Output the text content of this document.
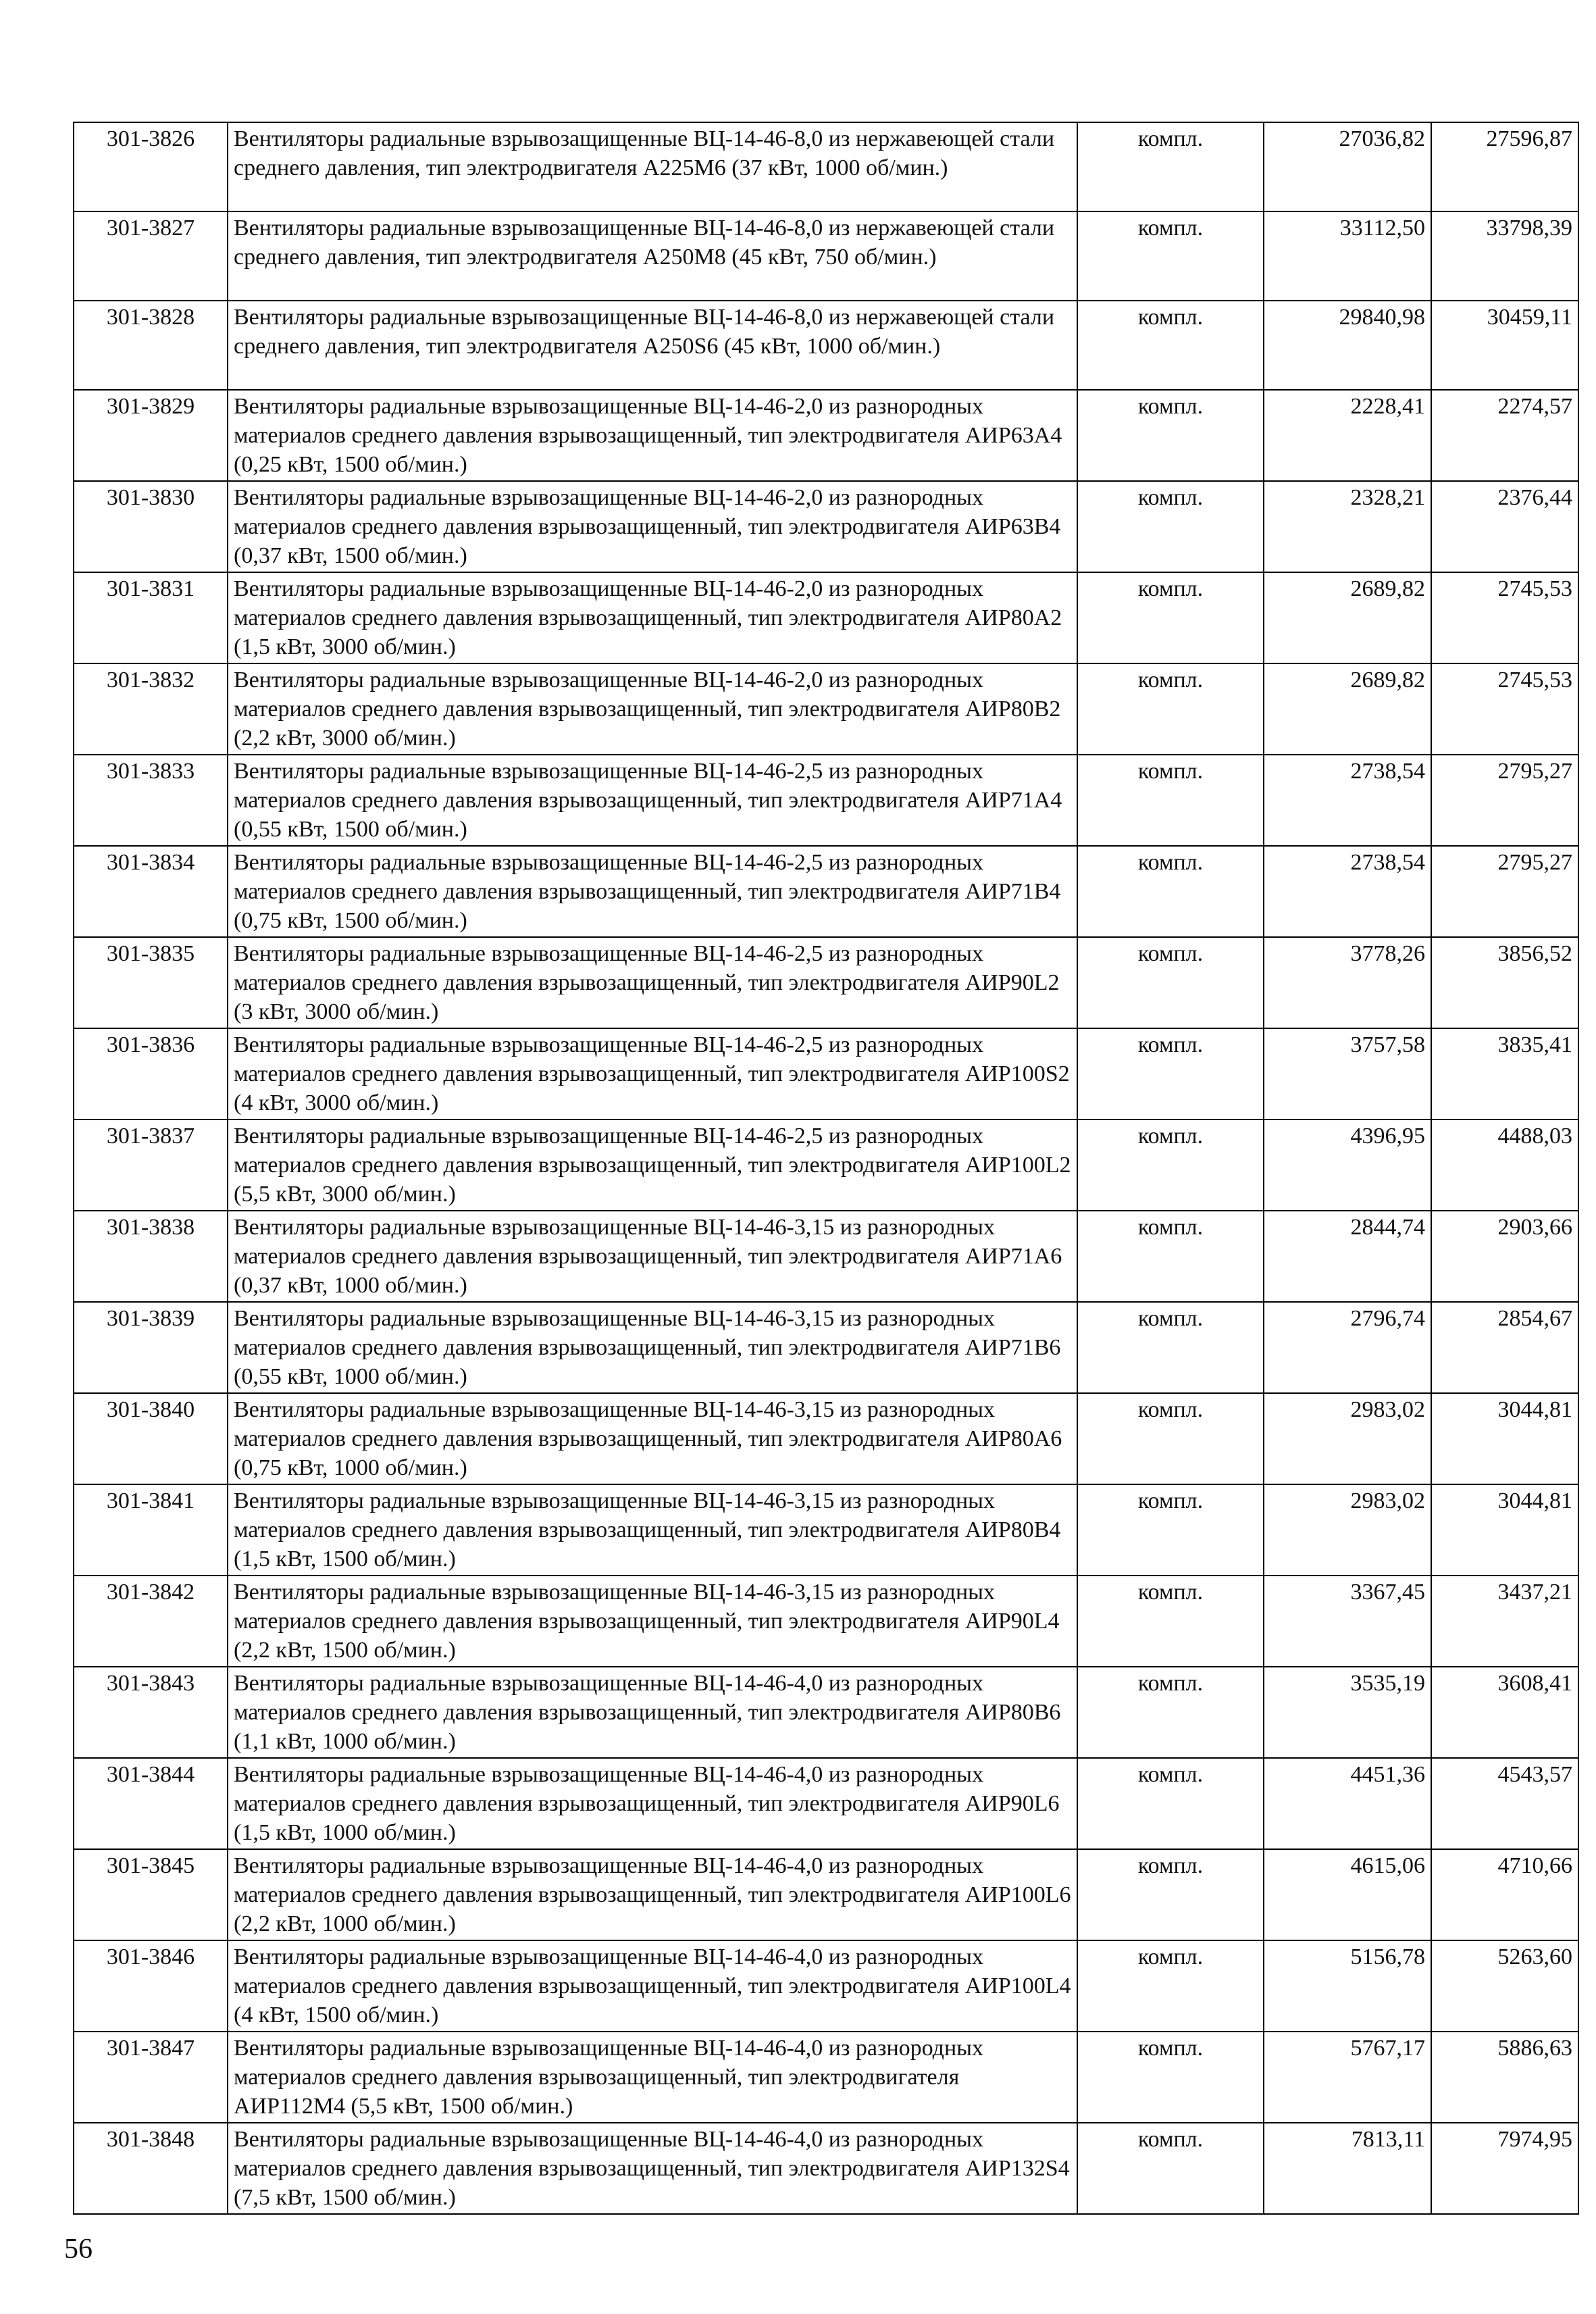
301-3826	Вентиляторы радиальные взрывозащищенные ВЦ-14-46-8,0 из нержавеющей стали среднего давления, тип электродвигателя А225М6 (37 кВт, 1000 об/мин.)	компл.	27036,82	27596,87
301-3827	Вентиляторы радиальные взрывозащищенные ВЦ-14-46-8,0 из нержавеющей стали среднего давления, тип электродвигателя А250М8 (45 кВт, 750 об/мин.)	компл.	33112,50	33798,39
301-3828	Вентиляторы радиальные взрывозащищенные ВЦ-14-46-8,0 из нержавеющей стали среднего давления, тип электродвигателя А250S6 (45 кВт, 1000 об/мин.)	компл.	29840,98	30459,11
301-3829	Вентиляторы радиальные взрывозащищенные ВЦ-14-46-2,0 из разнородных материалов среднего давления взрывозащищенный, тип электродвигателя АИР63А4 (0,25 кВт, 1500 об/мин.)	компл.	2228,41	2274,57
301-3830	Вентиляторы радиальные взрывозащищенные ВЦ-14-46-2,0 из разнородных материалов среднего давления взрывозащищенный, тип электродвигателя АИР63В4 (0,37 кВт, 1500 об/мин.)	компл.	2328,21	2376,44
301-3831	Вентиляторы радиальные взрывозащищенные ВЦ-14-46-2,0 из разнородных материалов среднего давления взрывозащищенный, тип электродвигателя АИР80А2 (1,5 кВт, 3000 об/мин.)	компл.	2689,82	2745,53
301-3832	Вентиляторы радиальные взрывозащищенные ВЦ-14-46-2,0 из разнородных материалов среднего давления взрывозащищенный, тип электродвигателя АИР80В2 (2,2 кВт, 3000 об/мин.)	компл.	2689,82	2745,53
301-3833	Вентиляторы радиальные взрывозащищенные ВЦ-14-46-2,5 из разнородных материалов среднего давления взрывозащищенный, тип электродвигателя АИР71А4 (0,55 кВт, 1500 об/мин.)	компл.	2738,54	2795,27
301-3834	Вентиляторы радиальные взрывозащищенные ВЦ-14-46-2,5 из разнородных материалов среднего давления взрывозащищенный, тип электродвигателя АИР71В4 (0,75 кВт, 1500 об/мин.)	компл.	2738,54	2795,27
301-3835	Вентиляторы радиальные взрывозащищенные ВЦ-14-46-2,5 из разнородных материалов среднего давления взрывозащищенный, тип электродвигателя АИР90L2 (3 кВт, 3000 об/мин.)	компл.	3778,26	3856,52
301-3836	Вентиляторы радиальные взрывозащищенные ВЦ-14-46-2,5 из разнородных материалов среднего давления взрывозащищенный, тип электродвигателя АИР100S2 (4 кВт, 3000 об/мин.)	компл.	3757,58	3835,41
301-3837	Вентиляторы радиальные взрывозащищенные ВЦ-14-46-2,5 из разнородных материалов среднего давления взрывозащищенный, тип электродвигателя АИР100L2 (5,5 кВт, 3000 об/мин.)	компл.	4396,95	4488,03
301-3838	Вентиляторы радиальные взрывозащищенные ВЦ-14-46-3,15 из разнородных материалов среднего давления взрывозащищенный, тип электродвигателя АИР71А6 (0,37 кВт, 1000 об/мин.)	компл.	2844,74	2903,66
301-3839	Вентиляторы радиальные взрывозащищенные ВЦ-14-46-3,15 из разнородных материалов среднего давления взрывозащищенный, тип электродвигателя АИР71В6 (0,55 кВт, 1000 об/мин.)	компл.	2796,74	2854,67
301-3840	Вентиляторы радиальные взрывозащищенные ВЦ-14-46-3,15 из разнородных материалов среднего давления взрывозащищенный, тип электродвигателя АИР80А6 (0,75 кВт, 1000 об/мин.)	компл.	2983,02	3044,81
301-3841	Вентиляторы радиальные взрывозащищенные ВЦ-14-46-3,15 из разнородных материалов среднего давления взрывозащищенный, тип электродвигателя АИР80В4 (1,5 кВт, 1500 об/мин.)	компл.	2983,02	3044,81
301-3842	Вентиляторы радиальные взрывозащищенные ВЦ-14-46-3,15 из разнородных материалов среднего давления взрывозащищенный, тип электродвигателя АИР90L4 (2,2 кВт, 1500 об/мин.)	компл.	3367,45	3437,21
301-3843	Вентиляторы радиальные взрывозащищенные ВЦ-14-46-4,0 из разнородных материалов среднего давления взрывозащищенный, тип электродвигателя АИР80В6 (1,1 кВт, 1000 об/мин.)	компл.	3535,19	3608,41
301-3844	Вентиляторы радиальные взрывозащищенные ВЦ-14-46-4,0 из разнородных материалов среднего давления взрывозащищенный, тип электродвигателя АИР90L6 (1,5 кВт, 1000 об/мин.)	компл.	4451,36	4543,57
301-3845	Вентиляторы радиальные взрывозащищенные ВЦ-14-46-4,0 из разнородных материалов среднего давления взрывозащищенный, тип электродвигателя АИР100L6 (2,2 кВт, 1000 об/мин.)	компл.	4615,06	4710,66
301-3846	Вентиляторы радиальные взрывозащищенные ВЦ-14-46-4,0 из разнородных материалов среднего давления взрывозащищенный, тип электродвигателя АИР100L4 (4 кВт, 1500 об/мин.)	компл.	5156,78	5263,60
301-3847	Вентиляторы радиальные взрывозащищенные ВЦ-14-46-4,0 из разнородных материалов среднего давления взрывозащищенный, тип электродвигателя АИР112М4 (5,5 кВт, 1500 об/мин.)	компл.	5767,17	5886,63
301-3848	Вентиляторы радиальные взрывозащищенные ВЦ-14-46-4,0 из разнородных материалов среднего давления взрывозащищенный, тип электродвигателя АИР132S4 (7,5 кВт, 1500 об/мин.)	компл.	7813,11	7974,95
56
